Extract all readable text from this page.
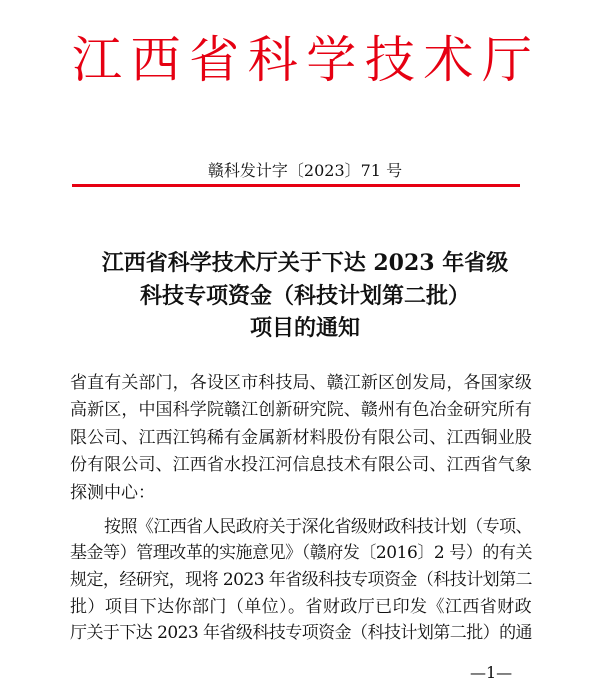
江 西 省 科 学 技 术 厅
赣科发计字〔2023〕71 号
江西省科学技术厅关于下达 2023 年省级
科技专项资金（科技计划第二批）
项目的通知
省直有关部门，各设区市科技局、赣江新区创发局，各国家级
高新区，中国科学院赣江创新研究院、赣州有色冶金研究所有
限公司、江西江钨稀有金属新材料股份有限公司、江西铜业股
份有限公司、江西省水投江河信息技术有限公司、江西省气象
探测中心：
按照《江西省人民政府关于深化省级财政科技计划（专项、
基金等）管理改革的实施意见》（赣府发〔2016〕2 号）的有关
规定，经研究，现将 2023 年省级科技专项资金（科技计划第二
批）项目下达你部门（单位）。省财政厅已印发《江西省财政
厅关于下达 2023 年省级科技专项资金（科技计划第二批）的通
—1—
